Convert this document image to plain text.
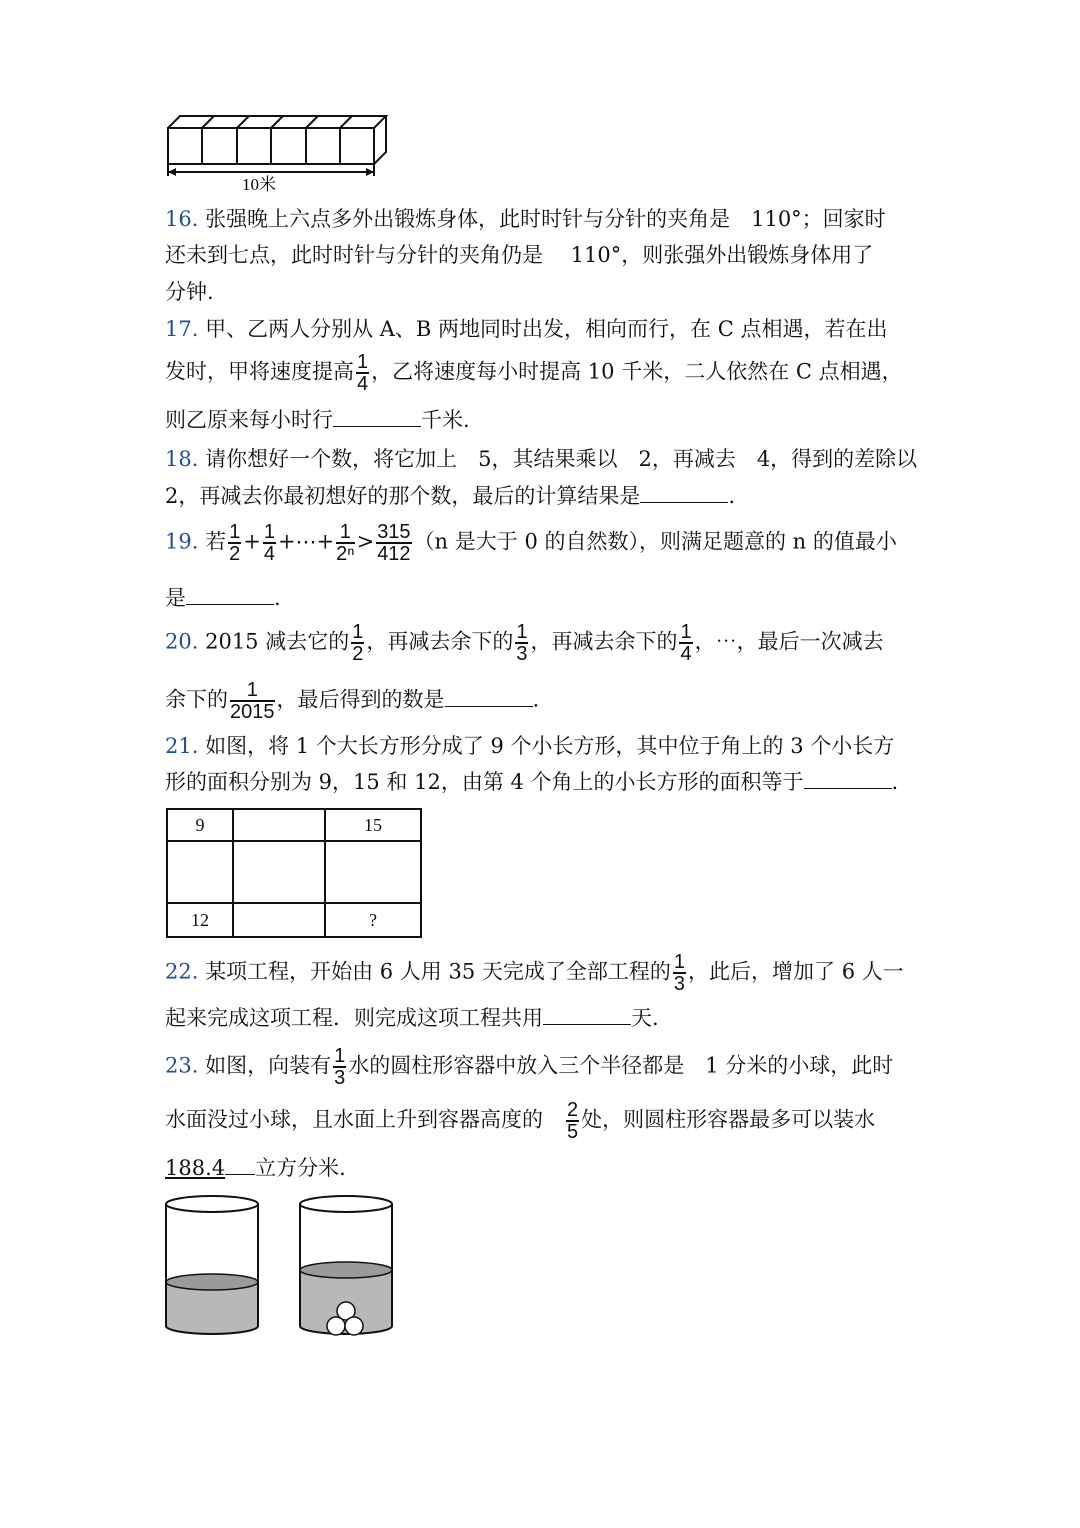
10米
16. 张强晚上六点多外出锻炼身体，此时时针与分针的夹角是　110°；回家时
还未到七点，此时时针与分针的夹角仍是　 110°，则张强外出锻炼身体用了
分钟.
17. 甲、乙两人分别从 A、B 两地同时出发，相向而行，在 C 点相遇，若在出
发时，甲将速度提高 $\frac{1}{4}$ ，乙将速度每小时提高 10 千米，二人依然在 C 点相遇，
则乙原来每小时行	千米.
18. 请你想好一个数，将它加上　5，其结果乘以　2，再减去　4，得到的差除以
2，再减去你最初想好的那个数，最后的计算结果是	.
19. 若 $\frac{1}{2} + \frac{1}{4}$ +⋯+ $\frac{1}{\text{2ⁿ}} > \frac{315}{412} (n$ 是大于 0 的自然数），则满足题意的 n 的值最小
是	.
20. 2015 减去它的 $\frac{1}{2}$ ，再减去余下的 $\frac{1}{3}$ ，再减去余下的 $\frac{1}{4}$ ，⋯，最后一次减去
余下的 $\frac{1}{2015}$ ，最后得到的数是	.
21. 如图，将 1 个大长方形分成了 9 个小长方形，其中位于角上的 3 个小长方
形的面积分别为 9，15 和 12，由第 4 个角上的小长方形的面积等于	.
9		15

12		?
22. 某项工程，开始由 6 人用 35 天完成了全部工程的 $\frac{1}{3}$ ，此后，增加了 6 人一
起来完成这项工程．则完成这项工程共用	天.
23. 如图，向装有 $\frac{1}{3}$ 水的圆柱形容器中放入三个半径都是　1 分米的小球，此时
水面没过小球，且水面上升到容器高度的　 $\frac{2}{5}$ 处，则圆柱形容器最多可以装水
188.4 立方分米.
